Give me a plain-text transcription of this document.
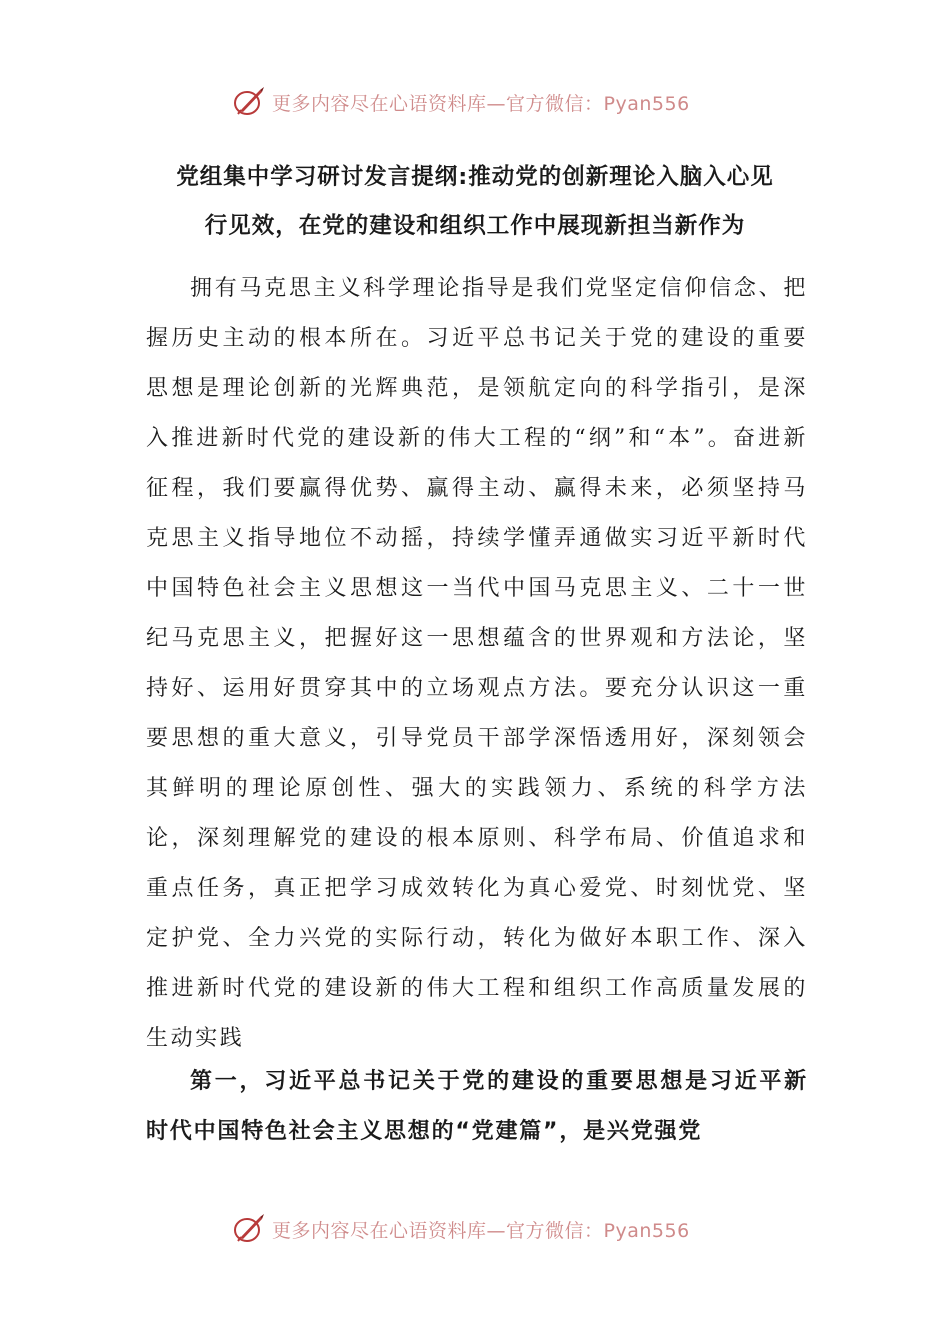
更多内容尽在心语资料库—官方微信：Pyan556
党组集中学习研讨发言提纲:推动党的创新理论入脑入心见
行见效，在党的建设和组织工作中展现新担当新作为

拥有马克思主义科学理论指导是我们党坚定信仰信念、把握历史主动的根本所在。习近平总书记关于党的建设的重要思想是理论创新的光辉典范，是领航定向的科学指引，是深入推进新时代党的建设新的伟大工程的“纲”和“本”。奋进新征程，我们要赢得优势、赢得主动、赢得未来，必须坚持马克思主义指导地位不动摇，持续学懂弄通做实习近平新时代中国特色社会主义思想这一当代中国马克思主义、二十一世纪马克思主义，把握好这一思想蕴含的世界观和方法论，坚持好、运用好贯穿其中的立场观点方法。要充分认识这一重要思想的重大意义，引导党员干部学深悟透用好，深刻领会其鲜明的理论原创性、强大的实践领力、系统的科学方法论，深刻理解党的建设的根本原则、科学布局、价值追求和重点任务，真正把学习成效转化为真心爱党、时刻忧党、坚定护党、全力兴党的实际行动，转化为做好本职工作、深入推进新时代党的建设新的伟大工程和组织工作高质量发展的生动实践

第一，习近平总书记关于党的建设的重要思想是习近平新时代中国特色社会主义思想的“党建篇”，是兴党强党

更多内容尽在心语资料库—官方微信：Pyan556
